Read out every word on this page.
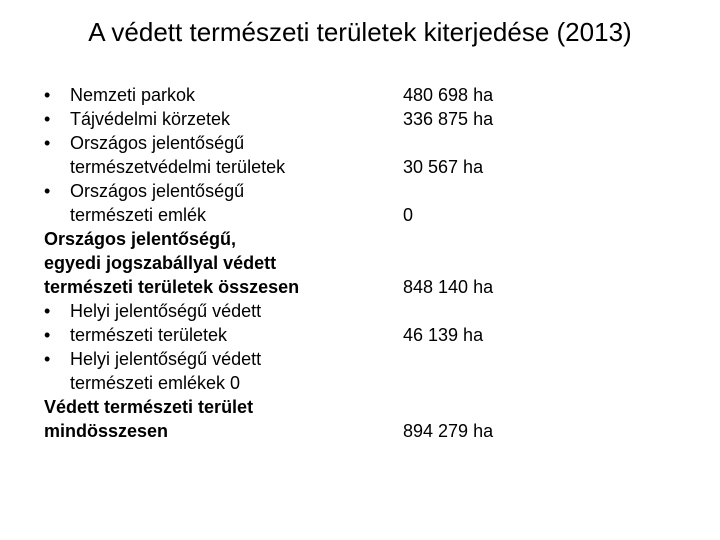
A védett természeti területek kiterjedése (2013)
• Nemzeti parkok
• Tájvédelmi körzetek
• Országos jelentőségű
természetvédelmi területek
• Országos jelentőségű
természeti emlék
Országos jelentőségű,
egyedi jogszabállyal védett
természeti területek összesen
• Helyi jelentőségű védett
• természeti területek
• Helyi jelentőségű védett
természeti emlékek 0
Védett természeti terület
mindösszesen
480 698 ha
336 875 ha
30 567 ha
0
848 140 ha
46 139 ha
894 279 ha
